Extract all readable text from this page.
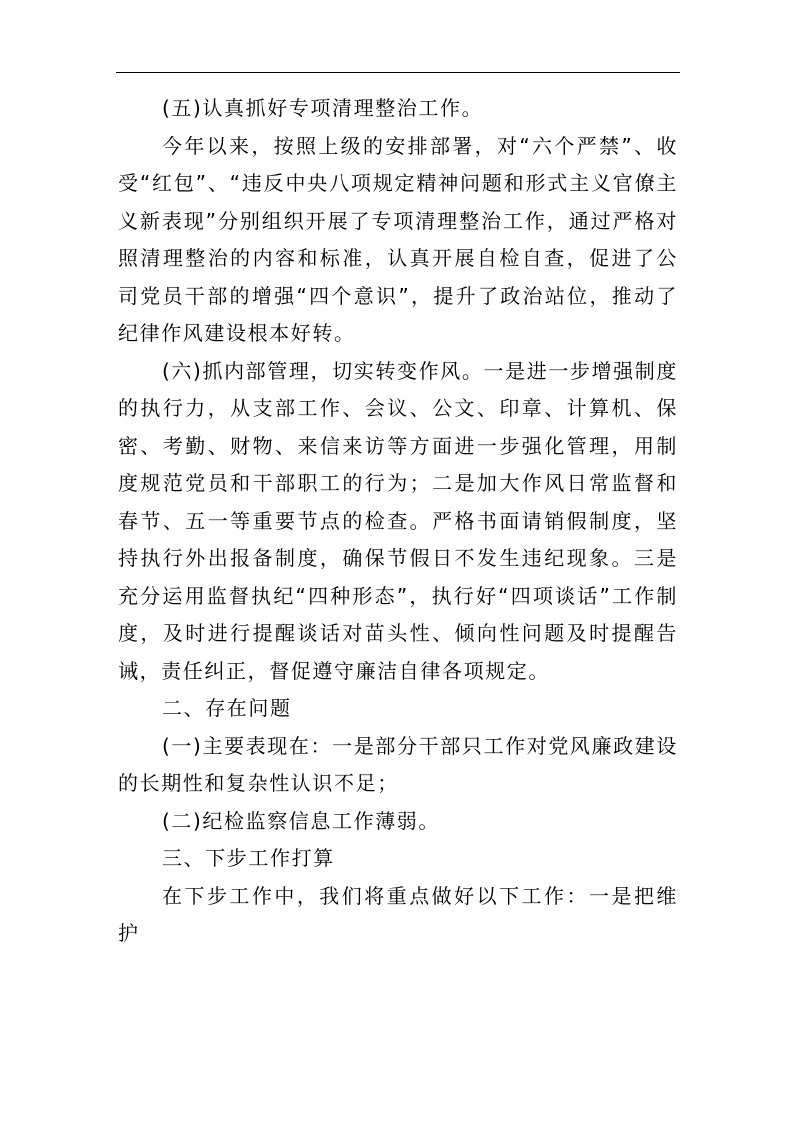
(五)认真抓好专项清理整治工作。

今年以来，按照上级的安排部署，对“六个严禁”、收受“红包”、“违反中央八项规定精神问题和形式主义官僚主义新表现”分别组织开展了专项清理整治工作，通过严格对照清理整治的内容和标准，认真开展自检自查，促进了公司党员干部的增强“四个意识”，提升了政治站位，推动了纪律作风建设根本好转。

(六)抓内部管理，切实转变作风。一是进一步增强制度的执行力，从支部工作、会议、公文、印章、计算机、保密、考勤、财物、来信来访等方面进一步强化管理，用制度规范党员和干部职工的行为；二是加大作风日常监督和春节、五一等重要节点的检查。严格书面请销假制度，坚持执行外出报备制度，确保节假日不发生违纪现象。三是充分运用监督执纪“四种形态”，执行好“四项谈话”工作制度，及时进行提醒谈话对苗头性、倾向性问题及时提醒告诫，责任纠正，督促遵守廉洁自律各项规定。

二、存在问题

(一)主要表现在：一是部分干部只工作对党风廉政建设的长期性和复杂性认识不足；

(二)纪检监察信息工作薄弱。

三、下步工作打算

在下步工作中，我们将重点做好以下工作：一是把维护
